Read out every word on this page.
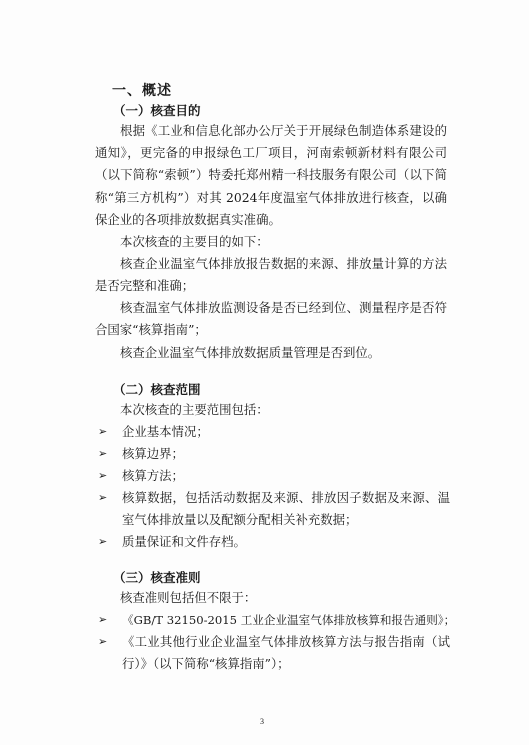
一、概述
（一）核查目的

根据《工业和信息化部办公厅关于开展绿色制造体系建设的通知》，更完备的申报绿色工厂项目，河南索顿新材料有限公司（以下简称“索顿”）特委托郑州精一科技服务有限公司（以下简称“第三方机构”）对其 2024年度温室气体排放进行核查，以确保企业的各项排放数据真实准确。

本次核查的主要目的如下：

核查企业温室气体排放报告数据的来源、排放量计算的方法是否完整和准确；

核查温室气体排放监测设备是否已经到位、测量程序是否符合国家“核算指南”；

核查企业温室气体排放数据质量管理是否到位。

（二）核查范围

本次核查的主要范围包括：

➢	企业基本情况；
➢	核算边界；
➢	核算方法；
➢	核算数据，包括活动数据及来源、排放因子数据及来源、温室气体排放量以及配额分配相关补充数据；
➢	质量保证和文件存档。
（三）核查准则

核查准则包括但不限于：

➢	《GB/T 32150-2015 工业企业温室气体排放核算和报告通则》；
➢	《工业其他行业企业温室气体排放核算方法与报告指南（试行）》（以下简称“核算指南”）；
3
